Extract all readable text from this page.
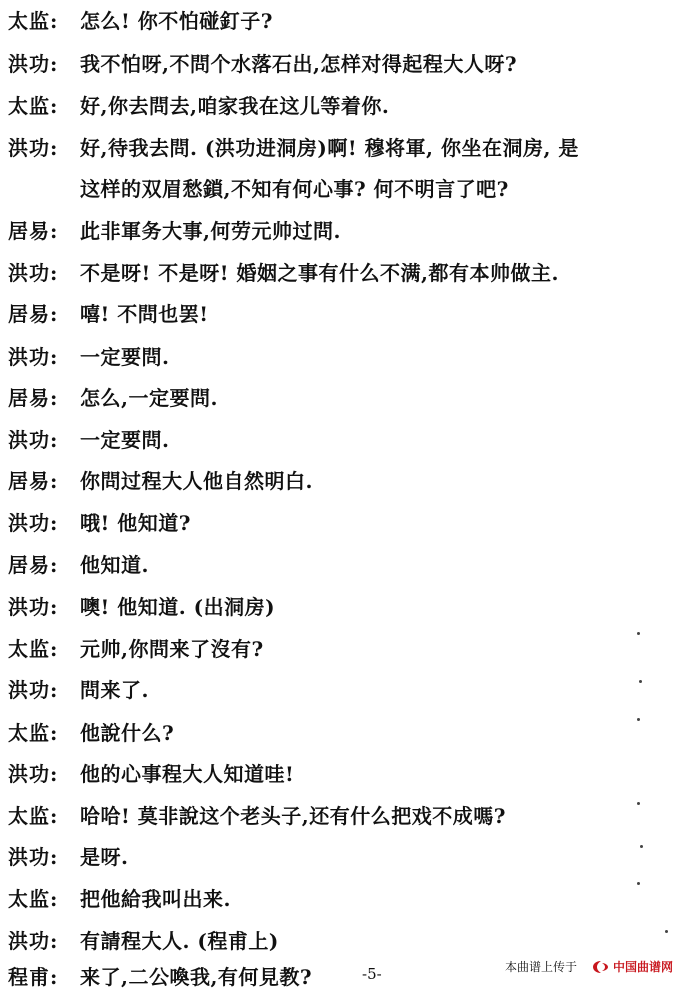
太监: 怎么! 你不怕碰釘子?
洪功: 我不怕呀,不問个水落石出,怎样对得起程大人呀?
太监: 好,你去問去,咱家我在这儿等着你.
洪功: 好,待我去問. (洪功进洞房)啊! 穆将軍, 你坐在洞房, 是
这样的双眉愁鎖,不知有何心事? 何不明言了吧?
居易: 此非軍务大事,何劳元帅过問.
洪功: 不是呀! 不是呀! 婚姻之事有什么不满,都有本帅做主.
居易: 嘻! 不問也罢!
洪功: 一定要問.
居易: 怎么,一定要問.
洪功: 一定要問.
居易: 你問过程大人他自然明白.
洪功: 哦! 他知道?
居易: 他知道.
洪功: 噢! 他知道. (出洞房)
太监: 元帅,你問来了沒有?
洪功: 問来了.
太监: 他說什么?
洪功: 他的心事程大人知道哇!
太监: 哈哈! 莫非說这个老头子,还有什么把戏不成嗎?
洪功: 是呀.
太监: 把他給我叫出来.
洪功: 有請程大人. (程甫上)
程甫: 来了,二公喚我,有何見教?	-5-	本曲谱上传于	中国曲谱网
